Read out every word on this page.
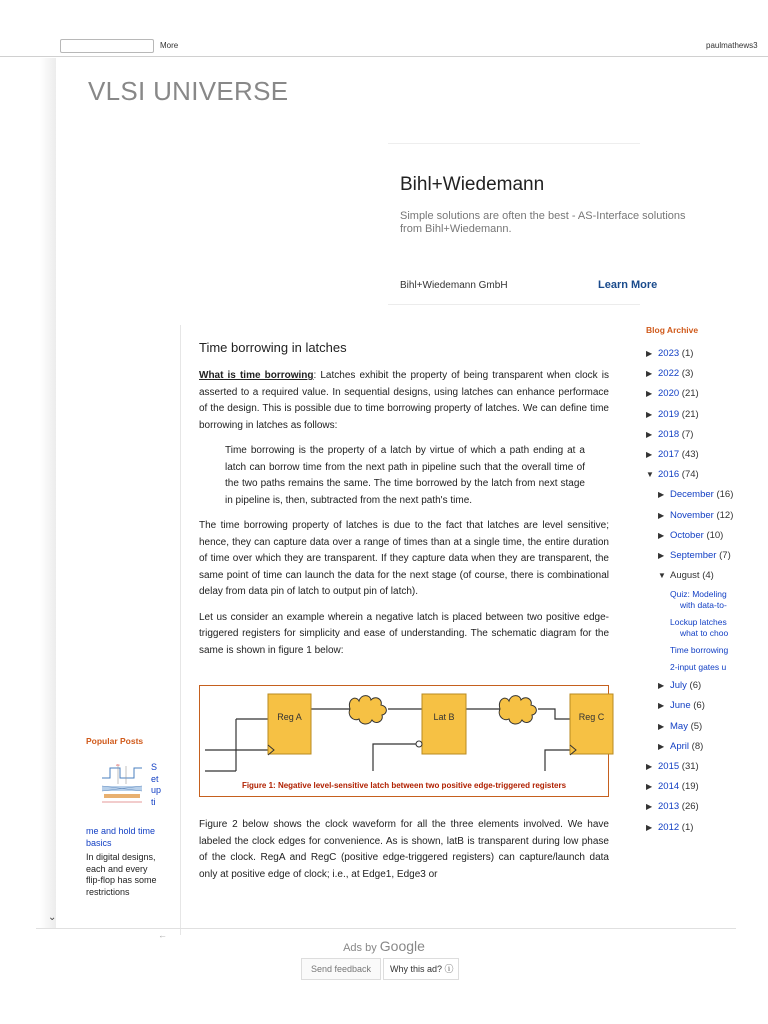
More	paulmathews3
VLSI UNIVERSE
Bihl+Wiedemann
Simple solutions are often the best - AS-Interface solutions from Bihl+Wiedemann.
Bihl+Wiedemann GmbH	Learn More
Time borrowing in latches

What is time borrowing: Latches exhibit the property of being transparent when clock is asserted to a required value. In sequential designs, using latches can enhance performace of the design. This is possible due to time borrowing property of latches. We can define time borrowing in latches as follows:

Time borrowing is the property of a latch by virtue of which a path ending at a latch can borrow time from the next path in pipeline such that the overall time of the two paths remains the same. The time borrowed by the latch from next stage in pipeline is, then, subtracted from the next path's time.

The time borrowing property of latches is due to the fact that latches are level sensitive; hence, they can capture data over a range of times than at a single time, the entire duration of time over which they are transparent. If they capture data when they are transparent, the same point of time can launch the data for the next stage (of course, there is combinational delay from data pin of latch to output pin of latch).

Let us consider an example wherein a negative latch is placed between two positive edge-triggered registers for simplicity and ease of understanding. The schematic diagram for the same is shown in figure 1 below:

Reg A	Lat B	Reg C
Figure 1: Negative level-sensitive latch between two positive edge-triggered registers

Figure 2 below shows the clock waveform for all the three elements involved. We have labeled the clock edges for convenience. As is shown, latB is transparent during low phase of the clock. RegA and RegC (positive edge-triggered registers) can capture/launch data only at positive edge of clock; i.e., at Edge1, Edge3 or

Blog Archive
▶ 2023 (1)
▶ 2022 (3)
▶ 2020 (21)
▶ 2019 (21)
▶ 2018 (7)
▶ 2017 (43)
▼ 2016 (74)
▶ December (16)
▶ November (12)
▶ October (10)
▶ September (7)
▼ August (4)
Quiz: Modeling
with data-to-
Lockup latches
what to choo
Time borrowing
2-input gates u
▶ July (6)
▶ June (6)
▶ May (5)
▶ April (8)
▶ 2015 (31)
▶ 2014 (19)
▶ 2013 (26)
▶ 2012 (1)
Popular Posts
clk	Setupti
me and hold time basics
In digital designs, each and every flip-flop has some restrictions
⌄
←
Ads by Google
Send feedback	Why this ad? ⓘ
